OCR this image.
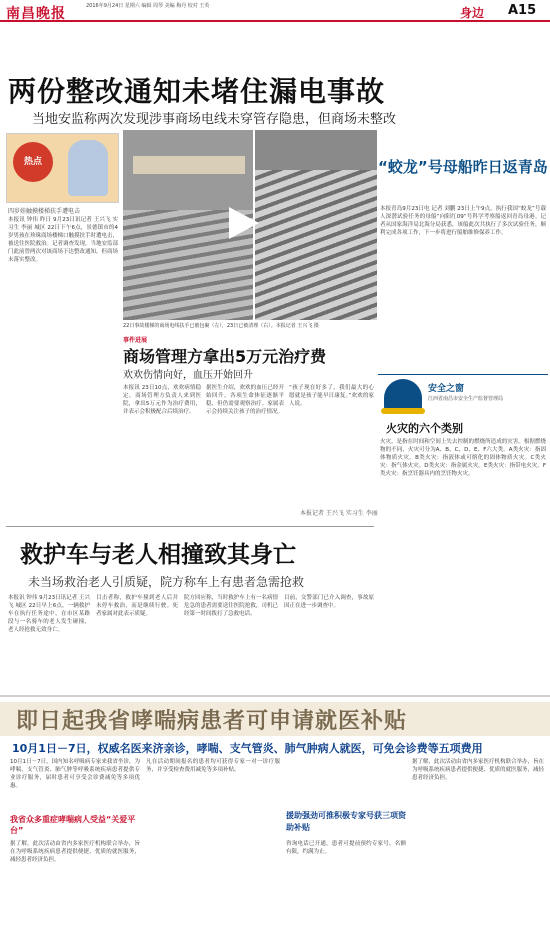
南昌晚报	2016年9月24日 星期六 编辑 周琴 美编 梅丹 校对 王英	身边 A15
两份整改通知未堵住漏电事故
当地安监称两次发现涉事商场电线未穿管存隐患，但商场未整改
热点
四岁娃触摸楼梯扶手遭电击
本报讯 钟伟 昨日 9月23日讯记者 王兴飞 实习生 李丽 城区 22日下午6点，景德镇市的4岁男孩在珍珠商场楼梯口触摸扶手时遭电击，被送往医院救治。记者调查发现，当地安监部门此前曾两次对该商场下达整改通知，但商场未落实整改。
22日事故楼梯的商场电线扶手已被包裹（左），23日已被清理（右）。本报记者 王兴飞 摄
事件进展
商场管理方拿出5万元治疗费
欢欢伤情向好，血压开始回升
本报讯 23日10点，欢欢病情稳定。商场管理方负责人来到医院，拿出5万元作为治疗费用，并表示会积极配合后续治疗。
据医生介绍，欢欢的血压已经开始回升，各项生命体征逐渐平稳，但仍需要观察治疗。家属表示会持续关注孩子的治疗情况。
“孩子现在好多了，我们最大的心愿就是孩子能早日康复。”欢欢的家人说。
本报记者 王兴飞 实习生 李丽
“蛟龙”号母船昨日返青岛
本报青岛9月23日电 记者 刘鹏 23日上午9点，执行我国“蛟龙”号载人深潜试验任务的母船“向阳红09”号科学考察船返回青岛母港。记者从国家海洋局北海分局获悉，该船此次共执行了多次试验任务，顺利完成各项工作，下一步将进行船舶维修保养工作。
安全之窗
江西省南昌市安全生产监督管理局
火灾的六个类别
火灾，是指在时间和空间上失去控制的燃烧所造成的灾害。根据燃烧物的不同，火灾可分为A、B、C、D、E、F六大类。A类火灾：指固体物质火灾。B类火灾：指液体或可熔化的固体物质火灾。C类火灾：指气体火灾。D类火灾：指金属火灾。E类火灾：指带电火灾。F类火灾：指烹饪器具内的烹饪物火灾。
救护车与老人相撞致其身亡
未当场救治老人引质疑，院方称车上有患者急需抢救
本报讯 钟伟 9月23日讯记者 王兴飞 城区 22日早上6点，一辆救护车在执行任务途中，在市区某路段与一名骑车的老人发生碰撞，老人经抢救无效身亡。
目击者称，救护车撞到老人后并未停车救治，而是继续行驶。死者家属对此表示质疑。
院方回应称，当时救护车上有一名病情危急的患者需要送往医院抢救，司机已经第一时间拨打了急救电话。
目前，交警部门已介入调查，事故原因正在进一步调查中。
即日起我省哮喘病患者可申请就医补贴
10月1日－7日，权威名医来济亲诊，哮喘、支气管炎、肺气肿病人就医，可免会诊费等五项费用
10月1日－7日，国内知名呼吸病专家来我省坐诊，为哮喘、支气管炎、肺气肿等呼吸系统疾病患者提供专业诊疗服务，届时患者可享受会诊费减免等多项优惠。
我省众多重症哮喘病人受益“关爱平台”
据了解，此次活动由省内多家医疗机构联合举办，旨在为呼吸系统疾病患者提供便捷、优质的就医服务，减轻患者经济负担。
凡在活动期间报名的患者均可获得专家一对一诊疗服务，并享受检查费用减免等多项补贴。
援助强劲可推积极专家号获三项资助补贴
咨询电话已开通，患者可提前预约专家号，名额有限，约满为止。
据了解，此次活动由省内多家医疗机构联合举办，旨在为呼吸系统疾病患者提供便捷、优质的就医服务，减轻患者经济负担。
